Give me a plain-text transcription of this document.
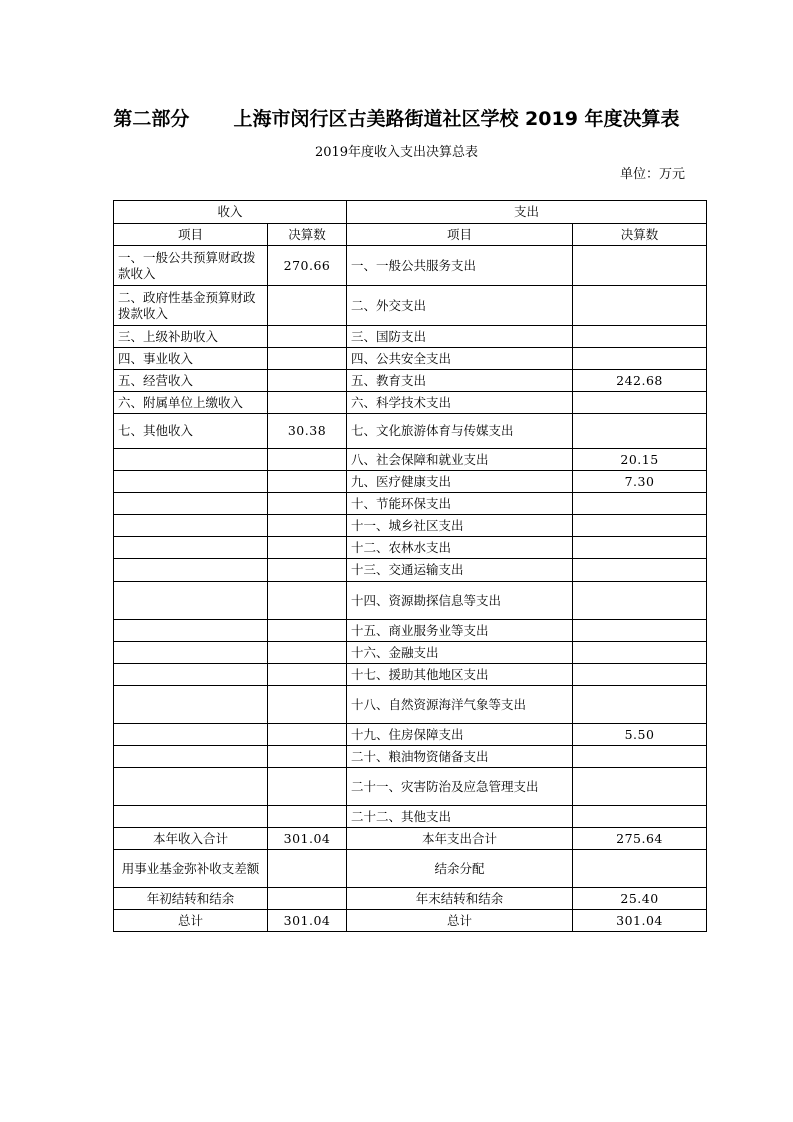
第二部分 上海市闵行区古美路街道社区学校 2019 年度决算表
2019年度收入支出决算总表
单位：万元
收入		支出	
项目	决算数	项目	决算数
一、一般公共预算财政拨款收入	270.66	一、一般公共服务支出	
二、政府性基金预算财政拨款收入		二、外交支出	
三、上级补助收入		三、国防支出	
四、事业收入		四、公共安全支出	
五、经营收入		五、教育支出	242.68
六、附属单位上缴收入		六、科学技术支出	
七、其他收入	30.38	七、文化旅游体育与传媒支出	
		八、社会保障和就业支出	20.15
		九、医疗健康支出	7.30
		十、节能环保支出	
		十一、城乡社区支出	
		十二、农林水支出	
		十三、交通运输支出	
		十四、资源勘探信息等支出	
		十五、商业服务业等支出	
		十六、金融支出	
		十七、援助其他地区支出	
		十八、自然资源海洋气象等支出	
		十九、住房保障支出	5.50
		二十、粮油物资储备支出	
		二十一、灾害防治及应急管理支出	
		二十二、其他支出	
本年收入合计	301.04	本年支出合计	275.64
用事业基金弥补收支差额		结余分配	
年初结转和结余		年末结转和结余	25.40
总计	301.04	总计	301.04
